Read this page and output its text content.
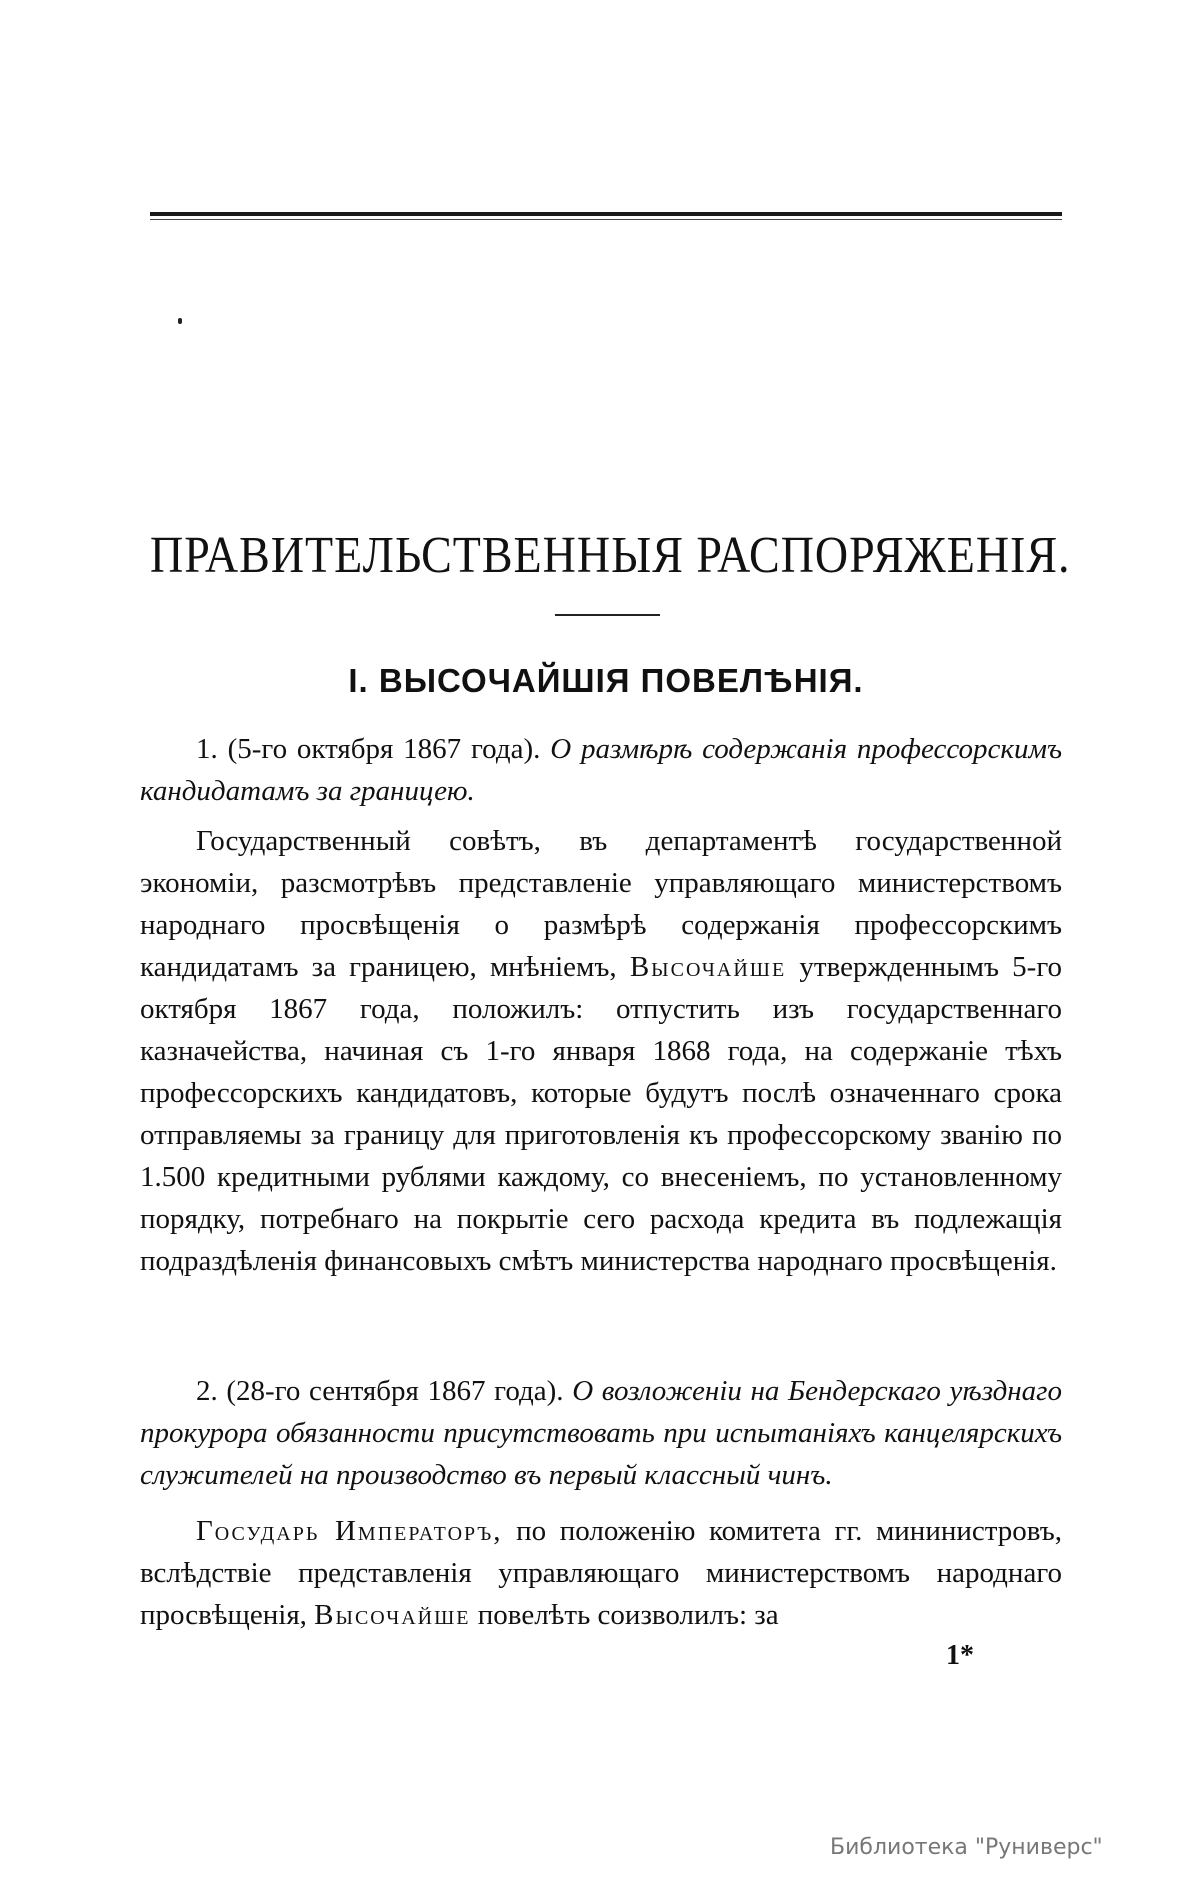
ПРАВИТЕЛЬСТВЕННЫЯ РАСПОРЯЖЕНІЯ.
I. ВЫСОЧАЙШІЯ ПОВЕЛѢНІЯ.

1. (5-го октября 1867 года). О размѣрѣ содержанія профессорскимъ кандидатамъ за границею.

Государственный совѣтъ, въ департаментѣ государственной экономіи, разсмотрѣвъ представленіе управляющаго министерствомъ народнаго просвѣщенія о размѣрѣ содержанія профессорскимъ кандидатамъ за границею, мнѣніемъ, Высочайше утвержденнымъ 5-го октября 1867 года, положилъ: отпустить изъ государственнаго казначейства, начиная съ 1-го января 1868 года, на содержаніе тѣхъ профессорскихъ кандидатовъ, которые будутъ послѣ означеннаго срока отправляемы за границу для приготовленія къ профессорскому званію по 1.500 кредитными рублями каждому, со внесеніемъ, по установленному порядку, потребнаго на покрытіе сего расхода кредита въ подлежащія подраздѣленія финансовыхъ смѣтъ министерства народнаго просвѣщенія.

2. (28-го сентября 1867 года). О возложеніи на Бендерскаго уѣзднаго прокурора обязанности присутствовать при испытаніяхъ канцелярскихъ служителей на производство въ первый классный чинъ.

Государь Императоръ, по положенію комитета гг. мининистровъ, вслѣдствіе представленія управляющаго министерствомъ народнаго просвѣщенія, Высочайше повелѣть соизволилъ: за

1*
Библиотека "Руниверс"
